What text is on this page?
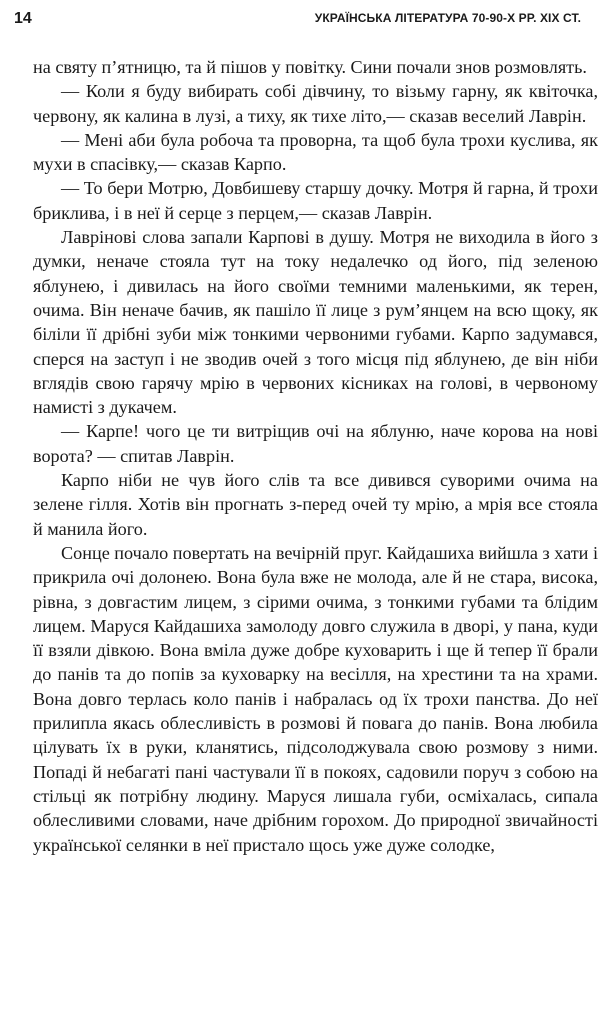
14	УКРАЇНСЬКА ЛІТЕРАТУРА 70-90-Х РР. XIX СТ.

на святу п’ятницю, та й пішов у повітку. Сини почали знов розмовлять.

— Коли я буду вибирать собі дівчину, то візьму гарну, як квіточка, червону, як калина в лузі, а тиху, як тихе літо,— сказав веселий Лаврін.

— Мені аби була робоча та проворна, та щоб була трохи куслива, як мухи в спасівку,— сказав Карпо.

— То бери Мотрю, Довбишеву старшу дочку. Мотря й гарна, й трохи бриклива, і в неї й серце з перцем,— сказав Лаврін.

Лаврінові слова запали Карпові в душу. Мотря не виходила в його з думки, неначе стояла тут на току недалечко од його, під зеленою яблунею, і дивилась на його своїми темними маленькими, як терен, очима. Він неначе бачив, як пашіло її лице з рум’янцем на всю щоку, як біліли її дрібні зуби між тонкими червоними губами. Карпо задумався, сперся на заступ і не зводив очей з того місця під яблунею, де він ніби вглядів свою гарячу мрію в червоних кісниках на голові, в червоному намисті з дукачем.

— Карпе! чого це ти витріщив очі на яблуню, наче корова на нові ворота? — спитав Лаврін.

Карпо ніби не чув його слів та все дивився суворими очима на зелене гілля. Хотів він прогнать з-перед очей ту мрію, а мрія все стояла й манила його.

Сонце почало повертать на вечірній пруг. Кайдашиха вийшла з хати і прикрила очі долонею. Вона була вже не молода, але й не стара, висока, рівна, з довгастим лицем, з сірими очима, з тонкими губами та блідим лицем. Маруся Кайдашиха замолоду довго служила в дворі, у пана, куди її взяли дівкою. Вона вміла дуже добре куховарить і ще й тепер її брали до панів та до попів за куховарку на весілля, на хрестини та на храми. Вона довго терлась коло панів і набралась од їх трохи панства. До неї прилипла якась облесливість в розмові й повага до панів. Вона любила цілувать їх в руки, кланятись, підсолоджувала свою розмову з ними. Попаді й небагаті пані частували її в покоях, садовили поруч з собою на стільці як потрібну людину. Маруся лишала губи, осміхалась, сипала облесливими словами, наче дрібним горохом. До природної звичайності української селянки в неї пристало щось уже дуже солодке,
